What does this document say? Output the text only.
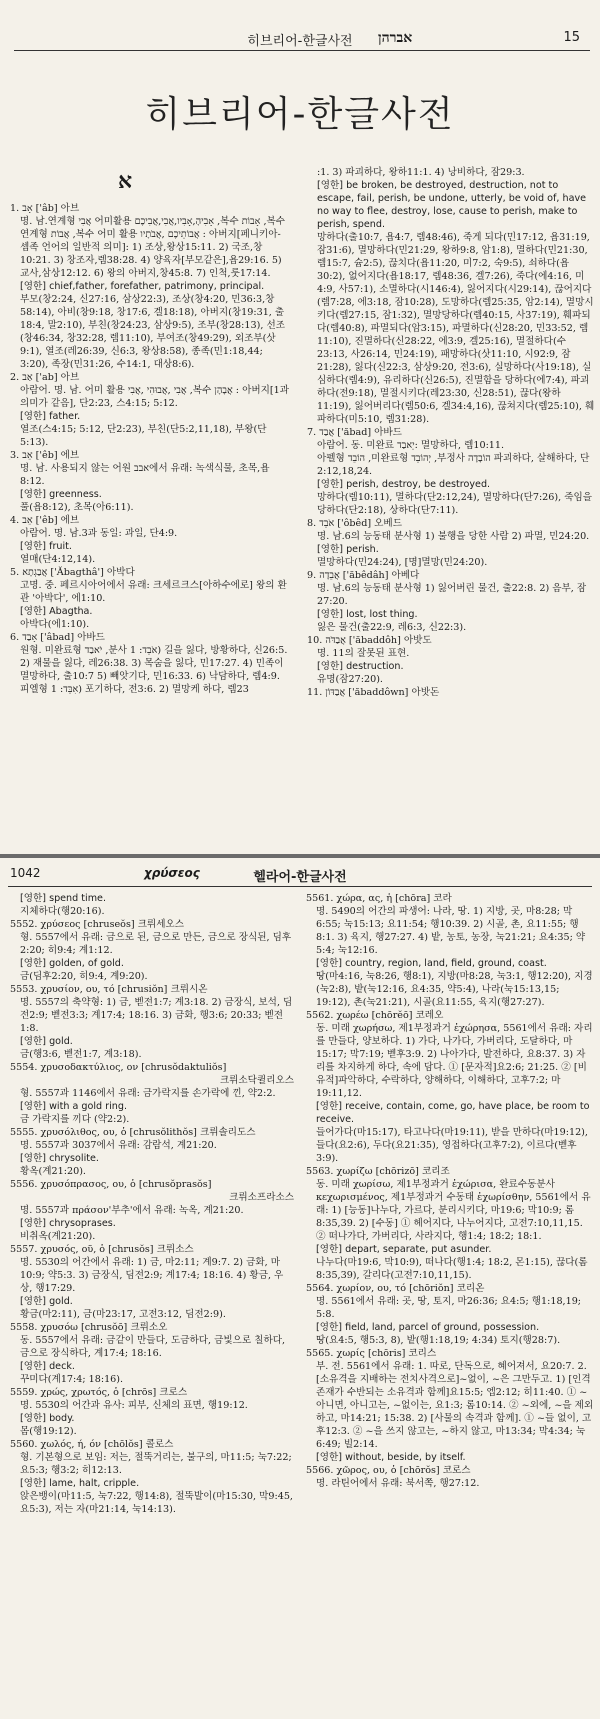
히브리어-한글사전	אברהן	15
히브리어-한글사전
א

1. אָב ['âb] 아브

명. 남.연계형 אֲבִי 어미활용 אָבִיהָ,אָבִיו,אֲבִי,אֲבִיכֶם ,복수 אָבוֹת ,복수 연계형 אֲבוֹת ,복수 어미 활용 אֲבוֹתֵיכֶם ,אֲבֹתָיו : 아버지[페니키아-셈족 언어의 일반적 의미]: 1) 조상,왕상15:11. 2) 국조,창10:21. 3) 창조자,렘38:28. 4) 양육자[부모같은],욥29:16. 5) 교사,삼상12:12. 6) 왕의 아버지,창45:8. 7) 인척,룻17:14.

[영한] chief,father, forefather, patrimony, principal.

부모(창2:24, 신27:16, 삼상22:3), 조상(창4:20, 민36:3,창58:14), 아비(창9:18, 창17:6, 겔18:18), 아버지(창19:31, 출18:4, 말2:10), 부친(창24:23, 삼상9:5), 조부(창28:13), 선조(창46:34, 창32:28, 렘11:10), 부여조(창49:29), 외조부(삿9:1), 열조(레26:39, 신6:3, 왕상8:58), 종족(민1:18,44; 3:20), 족장(민31:26, 수14:1, 대상8:6).

2. אַב ['ab] 아브

아람어. 명. 남. 어미 활용 אֲבִי ,אֲבוּהִי ,אֲבִי ,복수 אֲבָהָן : 아버지[1과 의미가 같음], 단2:23, 스4:15; 5:12.

[영한] father.

열조(스4:15; 5:12, 단2:23), 부친(단5:2,11,18), 부왕(단5:13).

3. אֵב ['êb] 에브

명. 남. 사용되지 않는 어원 אבב에서 유래: 녹색식물, 초목,욥8:12.

[영한] greenness.

풀(욥8:12), 초목(아6:11).

4. אֵב ['êb] 에브

아람어. 명. 남.3과 동일: 과일, 단4:9.

[영한] fruit.

열매(단4:12,14).

5. אֲבַגְתָא ['Ăbagthâ'] 아박다

고명. 중. 페르시아어에서 유래: 크세르크스[아하수에로] 왕의 환관 '아박다', 에1:10.

[영한] Abagtha.

아박다(에1:10).

6. אָבַד ['âbad] 아바드

원형. 미완료형 יֹאבַד ,분사 אֹבֵד: 1) 길을 잃다, 방황하다, 신26:5. 2) 재물을 잃다, 레26:38. 3) 목숨을 잃다, 민17:27. 4) 민족이 멸망하다, 출10:7 5) 빼앗기다, 민16:33. 6) 낙담하다, 렘4:9.

피엘형 אִבֵּד: 1) 포기하다, 전3:6. 2) 멸망케 하다, 렘23

:1. 3) 파괴하다, 왕하11:1. 4) 낭비하다, 잠29:3.

[영한] be broken, be destroyed, destruction, not to escape, fail, perish, be undone, utterly, be void of, have no way to flee, destroy, lose, cause to perish, make to perish, spend.

망하다(출10:7, 욥4:7, 렘48:46), 죽게 되다(민17:12, 욥31:19, 잠31:6), 멸망하다(민21:29, 왕하9:8, 암1:8), 멸하다(민21:30, 렘15:7, 슘2:5), 끊치다(욥11:20, 미7:2, 숙9:5), 쇠하다(욥30:2), 없어지다(욥18:17, 렘48:36, 겔7:26), 죽다(에4:16, 미4:9, 사57:1), 소멸하다(시146:4), 잃어지다(시29:14), 끊어지다(렘7:28, 에3:18, 잠10:28), 도망하다(렘25:35, 암2:14), 멸망시키다(렘27:15, 잠1:32), 멸망당하다(렘40:15, 사37:19), 훼파되다(렘40:8), 파멸되다(암3:15), 파멸하다(신28:20, 민33:52, 렘11:10), 진멸하다(신28:22, 에3:9, 겔25:16), 멸절하다(수23:13, 사26:14, 민24:19), 패망하다(삿11:10, 시92:9, 잠21:28), 잃다(신22:3, 삼상9:20, 전3:6), 실망하다(사19:18), 실심하다(렘4:9), 유리하다(신26:5), 진멸함을 당하다(에7:4), 파괴하다(전9:18), 멸절시키다(레23:30, 신28:51), 끊다(왕하11:19), 잃어버리다(렘50:6, 겔34:4,16), 끊쳐지다(렘25:10), 훼파하다(미5:10, 렘31:28).

7. אֲבַד ['ăbad] 아바드

아람어. 동. 미완료 יֵאבַד: 멸망하다, 렘10:11.

아펠형 הוֹבֵד ,미완료형 יְהוֹבֵד ,부정사 הוֹבָדָה 파괴하다, 살해하다, 단2:12,18,24.

[영한] perish, destroy, be destroyed.

망하다(렘10:11), 멸하다(단2:12,24), 멸망하다(단7:26), 죽임을 당하다(단2:18), 상하다(단7:11).

8. אֹבֵד ['ôbêd] 오베드

명. 남.6의 능동태 분사형 1) 불행을 당한 사람 2) 파멸, 민24:20.

[영한] perish.

멸망하다(민24:24), [명]멸망(민24:20).

9. אֲבֵדָה ['ăbêdâh] 아베다

명. 남.6의 능동태 분사형 1) 잃어버린 물건, 출22:8. 2) 음부, 잠27:20.

[영한] lost, lost thing.

잃은 물건(출22:9, 레6:3, 신22:3).

10. אֲבַדֹּה ['ăbaddôh] 아밧도

명. 11의 잘못된 표현.

[영한] destruction.

유명(잠27:20).

11. אֲבַדּוֹן ['ăbaddôwn] 아밧돈

1042	χρύσεος	헬라어-한글사전

[영한] spend time.

지체하다(행20:16).

5552. χρύσεος [chruseŏs] 크뤼세오스

형. 5557에서 유래: 금으로 된, 금으로 만든, 금으로 장식된, 딤후2:20; 히9:4; 계1:12.

[영한] golden, of gold.

금(딤후2:20, 히9:4, 계9:20).

5553. χρυσίον, ου, τό [chrusiŏn] 크뤼시온

명. 5557의 축약형: 1) 금, 벧전1:7; 계3:18. 2) 금장식, 보석, 딤전2:9; 벧전3:3; 계17:4; 18:16. 3) 금화, 행3:6; 20:33; 벧전1:8.

[영한] gold.

금(행3:6, 벧전1:7, 계3:18).

5554. χρυσοδακτύλιος, ον [chrusŏdaktuliŏs]

크뤼소닥퀼리오스

형. 5557과 1146에서 유래: 금가락지를 손가락에 낀, 약2:2.

[영한] with a gold ring.

금 가락지를 끼다 (약2:2).

5555. χρυσόλιθος, ου, ὁ [chrusŏlithŏs] 크뤼솔리도스

명. 5557과 3037에서 유래: 감람석, 계21:20.

[영한] chrysolite.

황옥(계21:20).

5556. χρυσόπρασος, ου, ὁ [chrusŏprasŏs]

크뤼소프라소스

명. 5557과 πράσον'부추'에서 유래: 녹옥, 계21:20.

[영한] chrysoprases.

비취옥(계21:20).

5557. χρυσός, οῦ, ὁ [chrusŏs] 크뤼소스

명. 5530의 어간에서 유래: 1) 금, 마2:11; 계9:7. 2) 금화, 마10:9; 약5:3. 3) 금장식, 딤전2:9; 계17:4; 18:16. 4) 황금, 우상, 행17:29.

[영한] gold.

황금(마2:11), 금(마23:17, 고전3:12, 딤전2:9).

5558. χρυσόω [chrusŏō] 크뤼소오

동. 5557에서 유래: 금같이 만들다, 도금하다, 금빛으로 칠하다, 금으로 장식하다, 계17:4; 18:16.

[영한] deck.

꾸미다(계17:4; 18:16).

5559. χρώς, χρωτός, ὁ [chrōs] 크로스

명. 5530의 어간과 유사: 피부, 신체의 표면, 행19:12.

[영한] body.

몸(행19:12).

5560. χωλός, ή, όν [chōlŏs] 콜로스

형. 기본형으로 보임: 저는, 절뚝거리는, 불구의, 마11:5; 눅7:22; 요5:3; 행3:2; 히12:13.

[영한] lame, halt, cripple.

앉은뱅이(마11:5, 눅7:22, 행14:8), 절뚝발이(마15:30, 막9:45, 요5:3), 저는 자(마21:14, 눅14:13).

5561. χώρα, ας, ἡ [chōra] 코라

명. 5490의 어간의 파생어: 나라, 땅. 1) 지방, 곳, 마8:28; 막6:55; 눅15:13; 요11:54; 행10:39. 2) 시골, 촌, 요11:55; 행8:1. 3) 육지, 행27:27. 4) 밭, 농토, 농장, 눅21:21; 요4:35; 약5:4; 눅12:16.

[영한] country, region, land, field, ground, coast.

땅(마4:16, 눅8:26, 행8:1), 지방(마8:28, 눅3:1, 행12:20), 지경(눅2:8), 밭(눅12:16, 요4:35, 약5:4), 나라(눅15:13,15; 19:12), 촌(눅21:21), 시골(요11:55, 육지(행27:27).

5562. χωρέω [chōrĕō] 코레오

동. 미래 χωρήσω, 제1부정과거 ἐχώρησα, 5561에서 유래: 자리를 만들다, 양보하다. 1) 가다, 나가다, 가버리다, 도달하다, 마15:17; 막7:19; 벧후3:9. 2) 나아가다, 발전하다, 요8:37. 3) 자리를 차지하게 하다, 속에 담다. ① [문자적]요2:6; 21:25. ② [비유적]파악하다, 수락하다, 양해하다, 이해하다, 고후7:2; 마19:11,12.

[영한] receive, contain, come, go, have place, be room to receive.

들어가다(마15:17), 타고나다(마19:11), 받을 만하다(마19:12), 들다(요2:6), 두다(요21:35), 영접하다(고후7:2), 이르다(벧후3:9).

5563. χωρίζω [chōrizō] 코리조

동. 미래 χωρίσω, 제1부정과거 ἐχώρισα, 완료수동분사 κεχωρισμένος, 제1부정과거 수동태 ἐχωρίσθην, 5561에서 유래: 1) [능동]나누다, 가르다, 분리시키다, 마19:6; 막10:9; 롬8:35,39. 2) [수동] ① 헤어지다, 나누어지다, 고전7:10,11,15. ② 떠나가다, 가버리다, 사라지다, 행1:4; 18:2; 18:1.

[영한] depart, separate, put asunder.

나누다(마19:6, 막10:9), 떠나다(행1:4; 18:2, 몬1:15), 끊다(롬8:35,39), 갈리다(고전7:10,11,15).

5564. χωρίον, ου, τό [chōriŏn] 코리온

명. 5561에서 유래: 곳, 땅, 토지, 마26:36; 요4:5; 행1:18,19; 5:8.

[영한] field, land, parcel of ground, possession.

땅(요4:5, 행5:3, 8), 밭(행1:18,19; 4:34) 토지(행28:7).

5565. χωρίς [chōris] 코리스

부. 전. 5561에서 유래: 1. 따로, 단독으로, 혜어져서, 요20:7. 2. [소유격을 지배하는 전치사격으로]~없이, ~은 그만두고. 1) [인격존재가 수반되는 소유격과 함께]요15:5; 엡2:12; 히11:40. ① ~아니면, 아니고는, ~없이는, 요1:3; 롬10:14. ② ~외에, ~을 제외하고, 마14:21; 15:38. 2) [사물의 속격과 함께]. ① ~들 없이, 고후12:3. ② ~을 쓰지 않고는, ~하지 않고, 마13:34; 막4:34; 눅6:49; 빌2:14.

[영한] without, beside, by itself.

5566. χῶρος, ου, ὁ [chōrŏs] 코로스

명. 라틴어에서 유래: 북서쪽, 행27:12.
